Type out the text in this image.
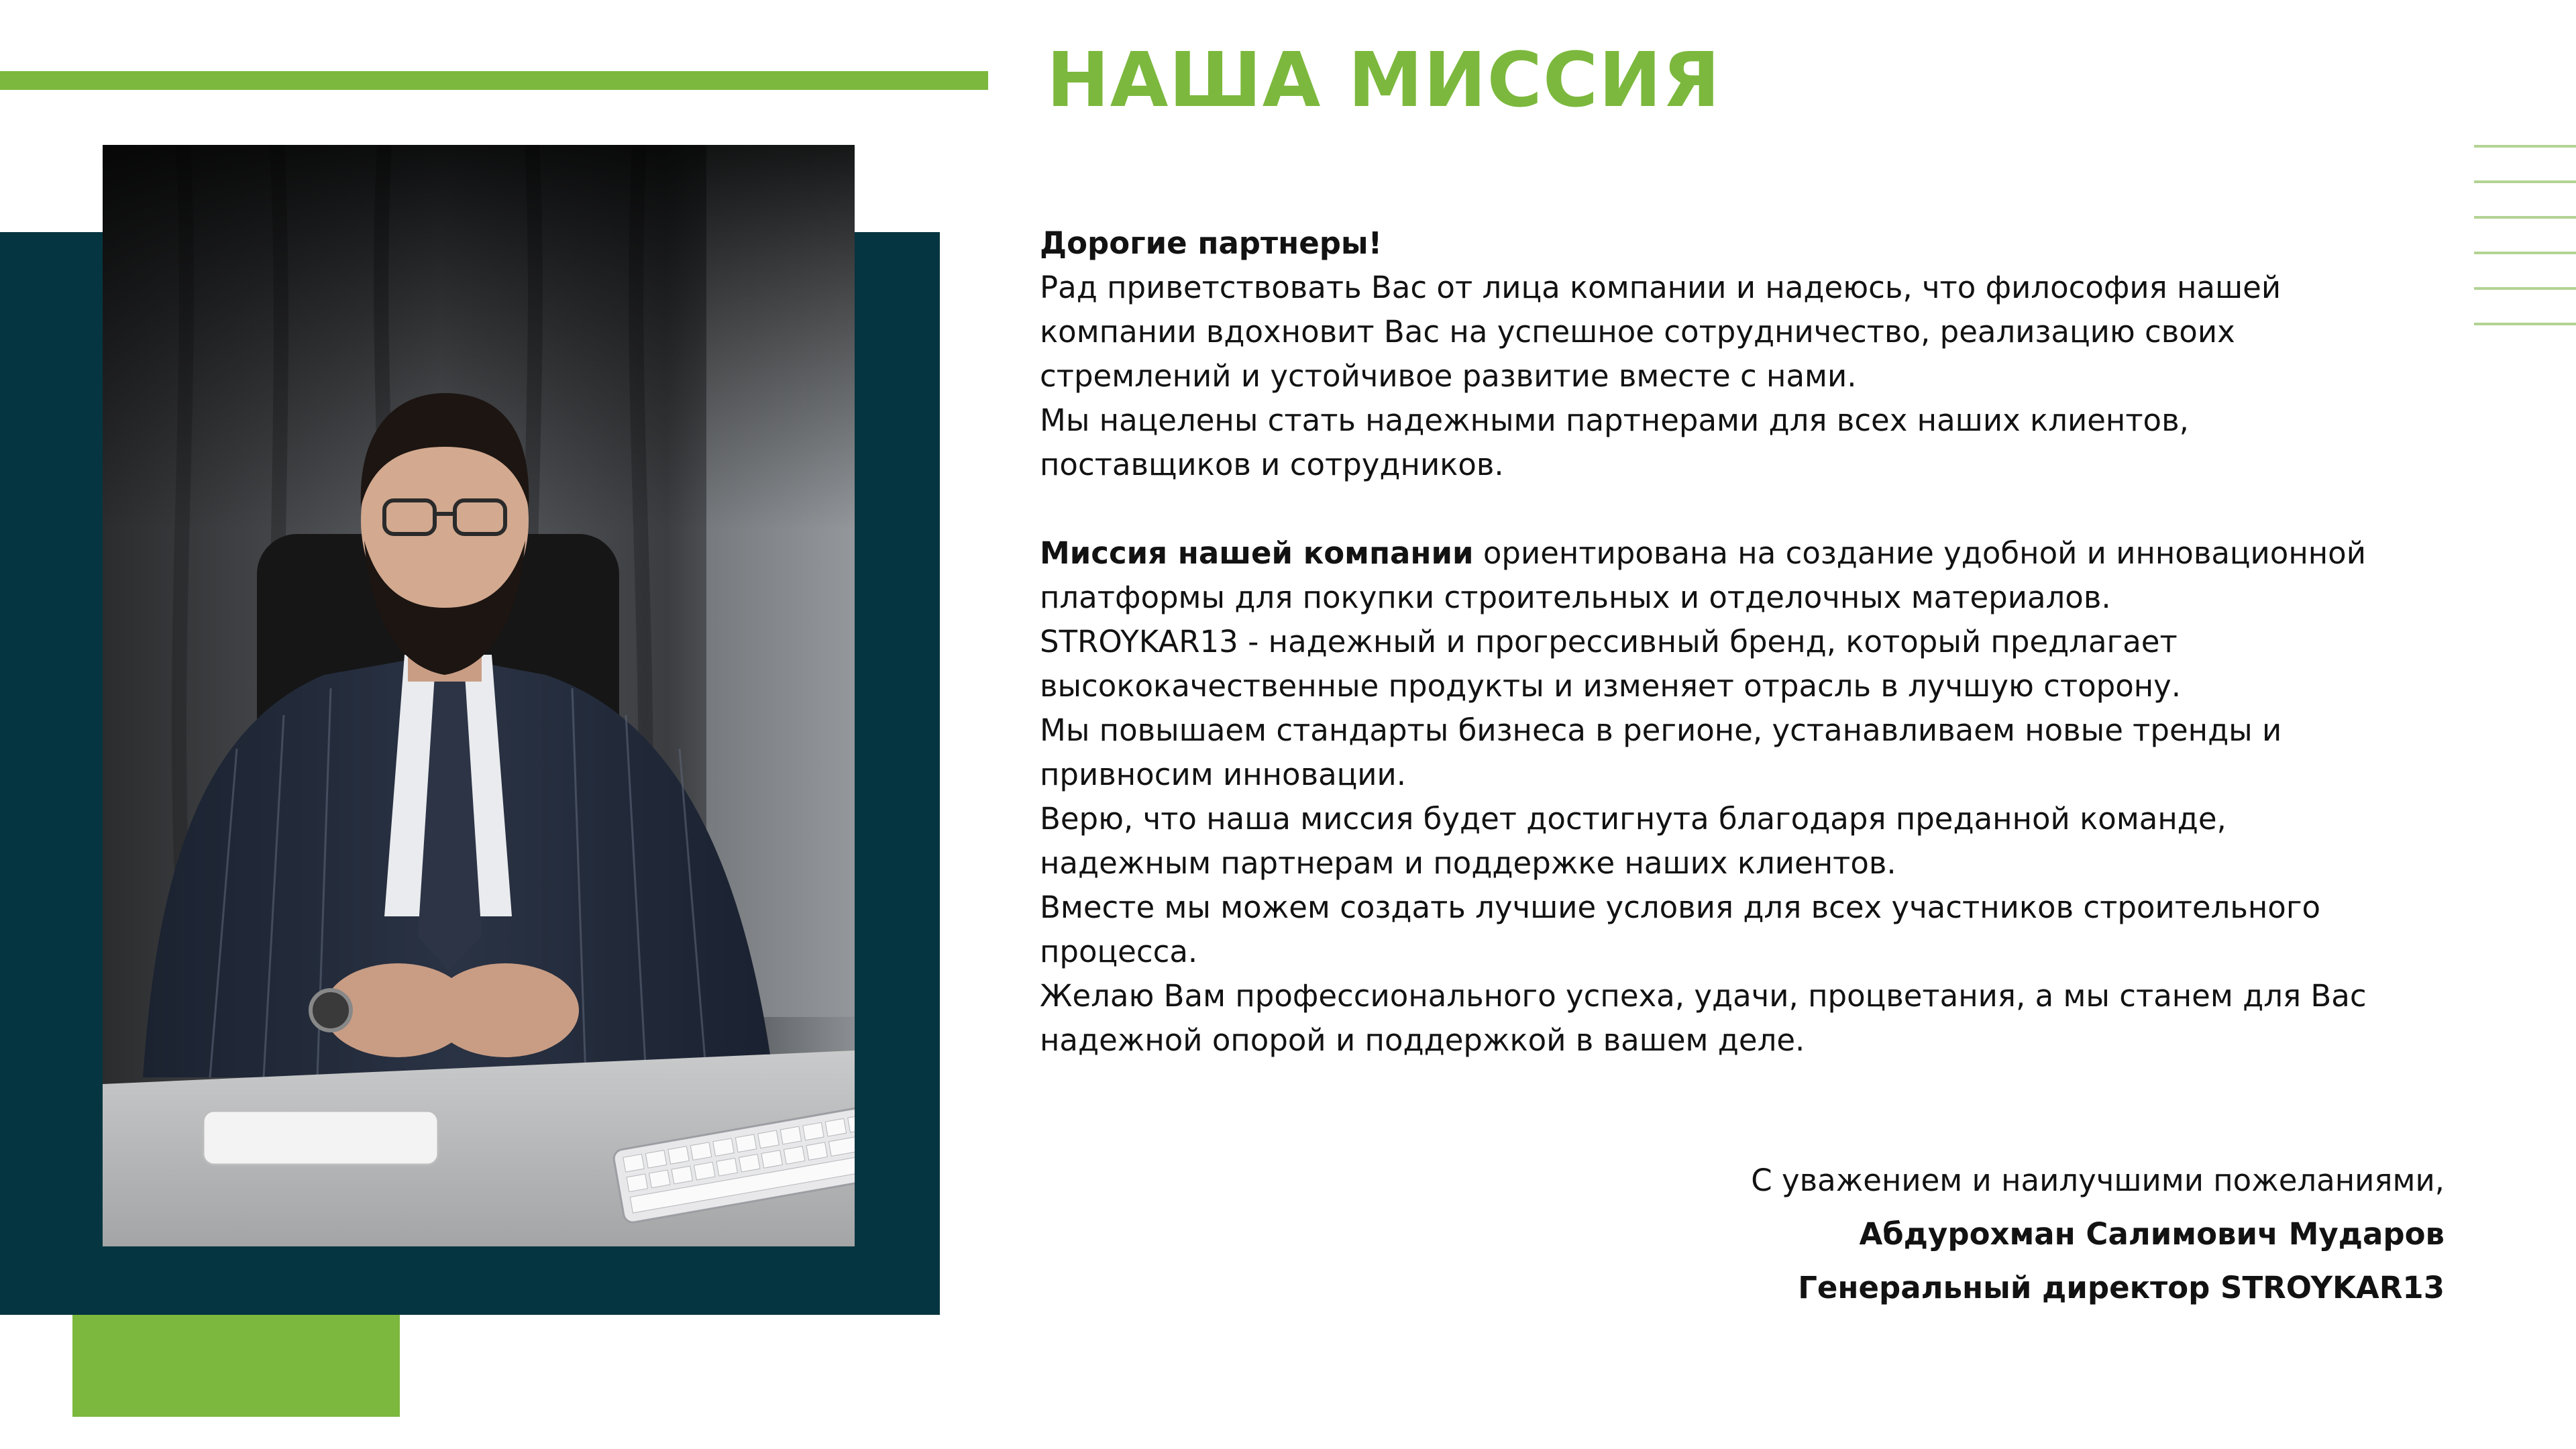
НАША МИССИЯ

Дорогие партнеры!

Рад приветствовать Вас от лица компании и надеюсь, что философия нашей

компании вдохновит Вас на успешное сотрудничество, реализацию своих

стремлений и устойчивое развитие вместе с нами.

Мы нацелены стать надежными партнерами для всех наших клиентов,

поставщиков и сотрудников.

Миссия нашей компании ориентирована на создание удобной и инновационной

платформы для покупки строительных и отделочных материалов.

STROYKAR13 - надежный и прогрессивный бренд, который предлагает

высококачественные продукты и изменяет отрасль в лучшую сторону.

Мы повышаем стандарты бизнеса в регионе, устанавливаем новые тренды и

привносим инновации.

Верю, что наша миссия будет достигнута благодаря преданной команде,

надежным партнерам и поддержке наших клиентов.

Вместе мы можем создать лучшие условия для всех участников строительного

процесса.

Желаю Вам профессионального успеха, удачи, процветания, а мы станем для Вас

надежной опорой и поддержкой в вашем деле.

С уважением и наилучшими пожеланиями,
Абдурохман Салимович Мударов
Генеральный директор STROYKAR13
